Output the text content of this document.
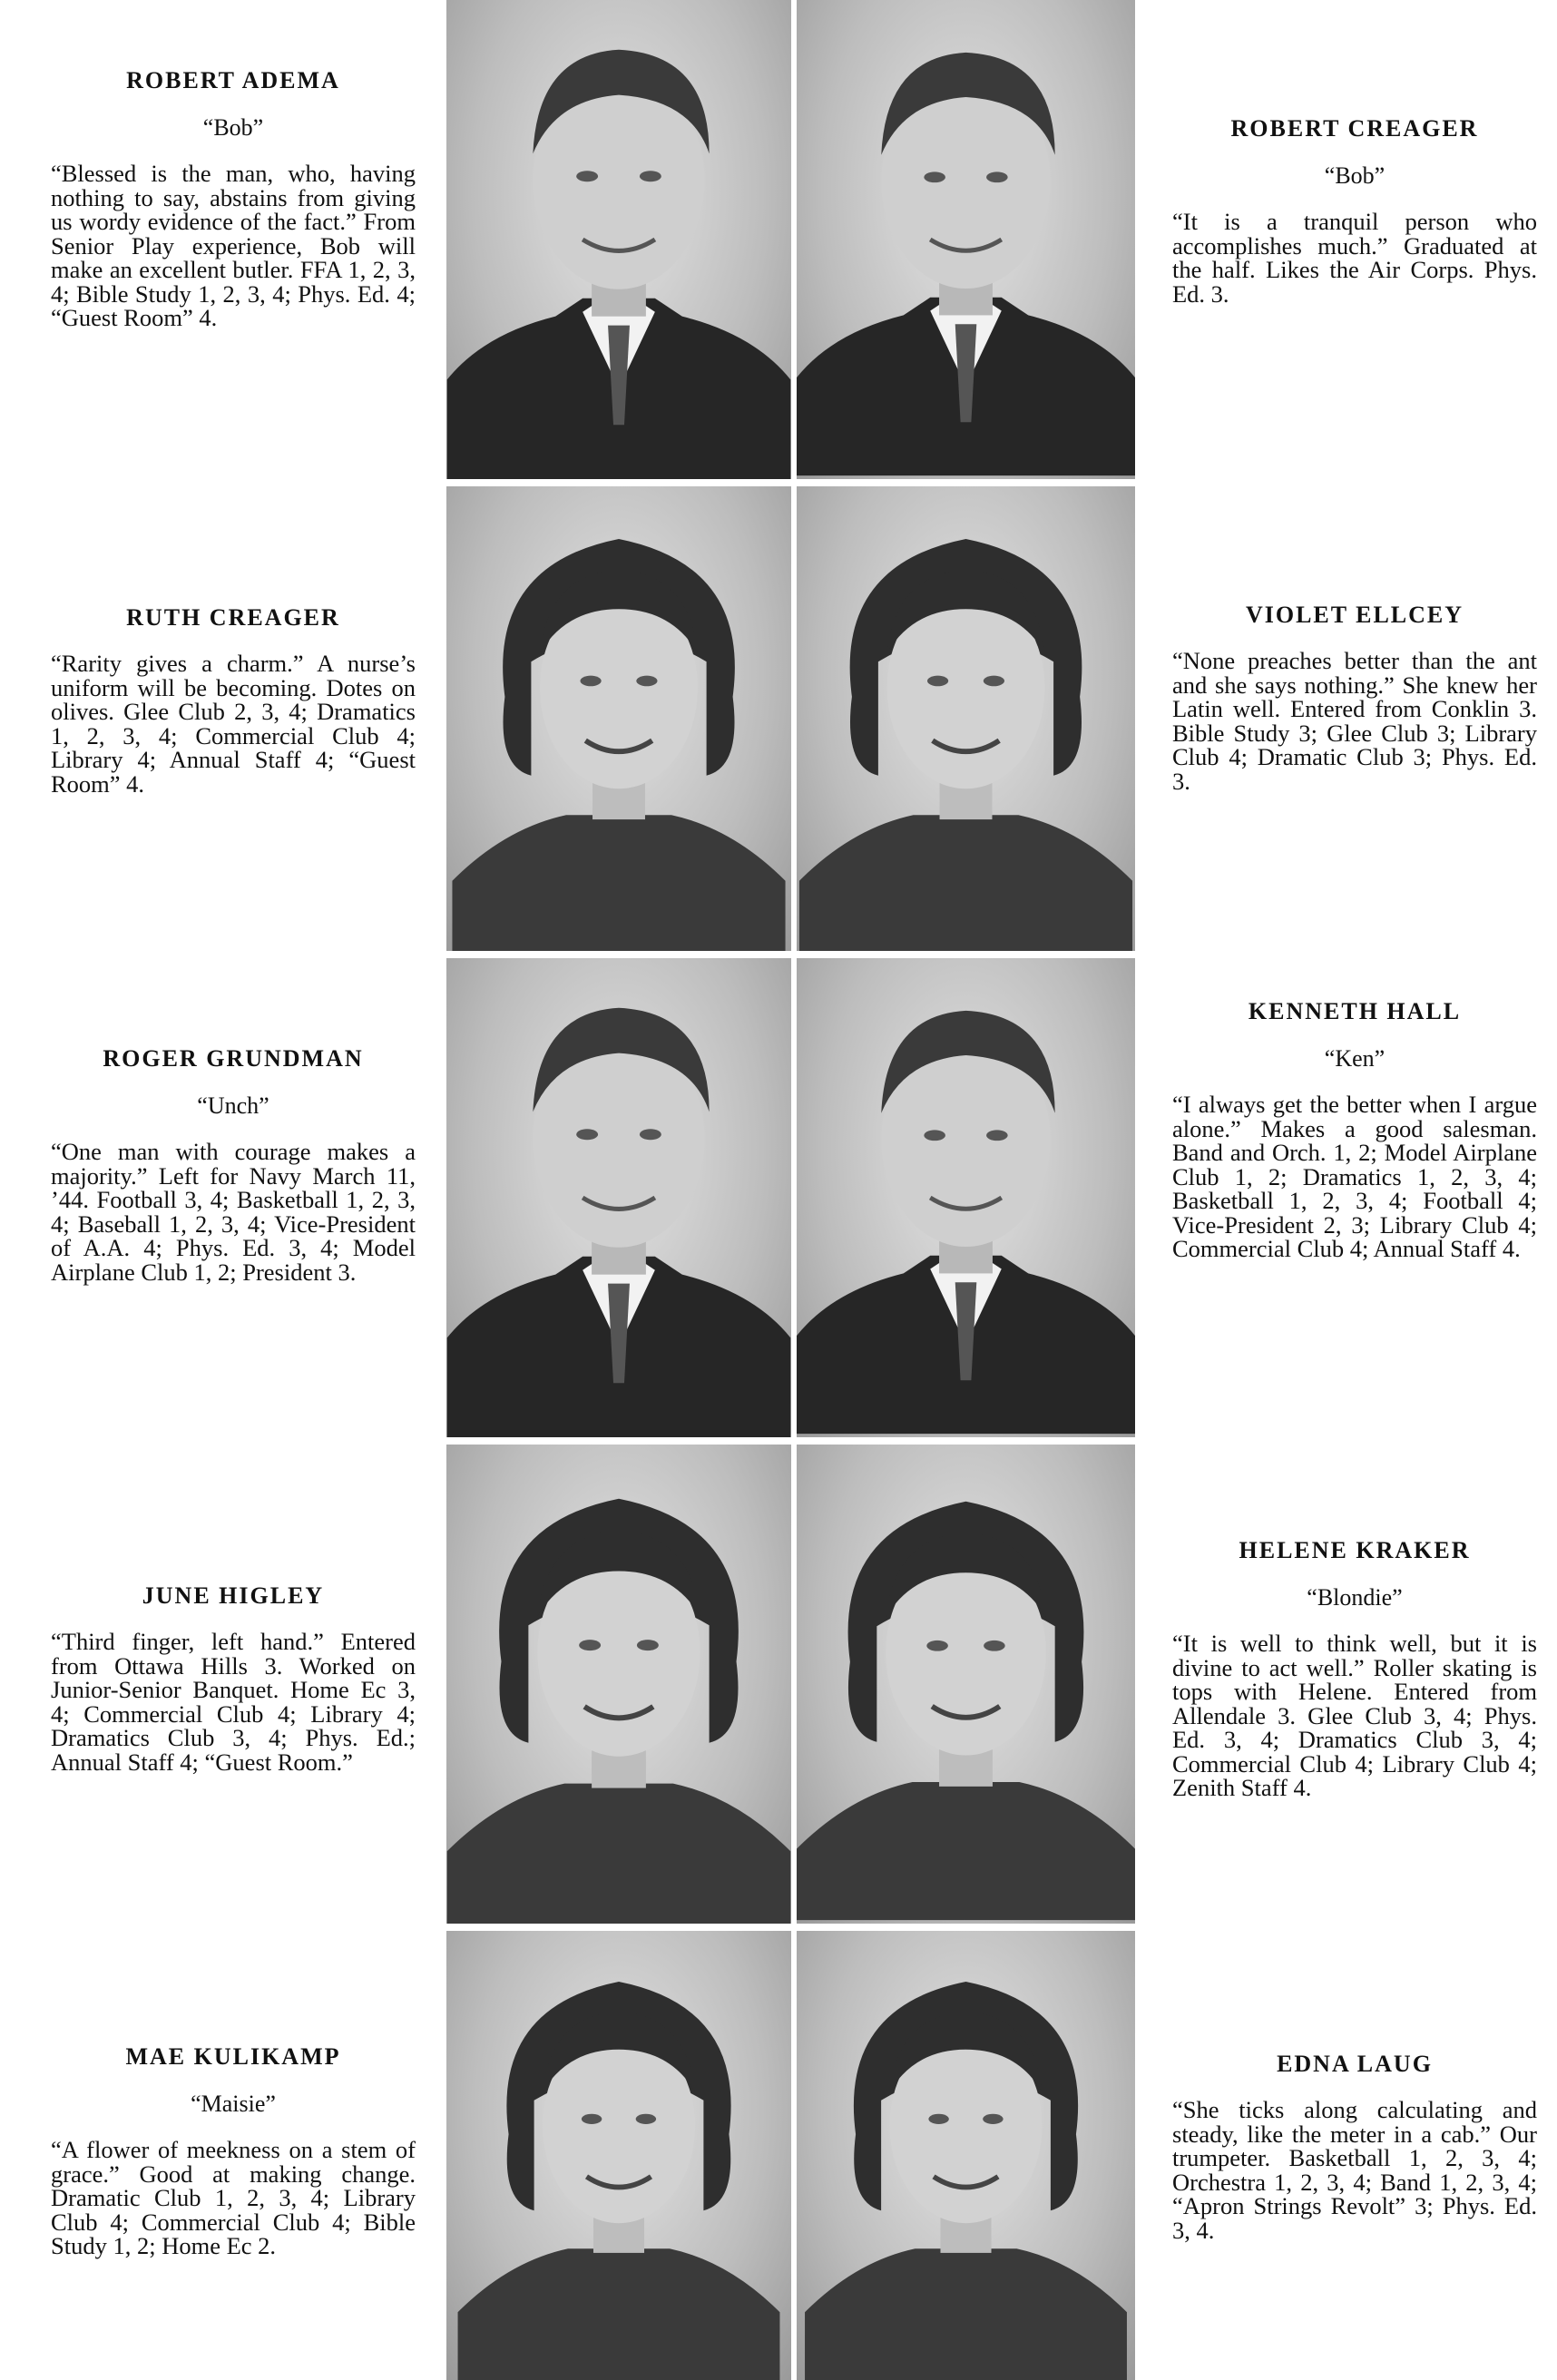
ROBERT ADEMA

“Bob”

“Blessed is the man, who, having nothing to say, abstains from giving us wordy evidence of the fact.” From Senior Play experience, Bob will make an excellent butler. FFA 1, 2, 3, 4; Bible Study 1, 2, 3, 4; Phys. Ed. 4; “Guest Room” 4.

ROBERT CREAGER

“Bob”

“It is a tranquil person who accomplishes much.” Graduated at the half. Likes the Air Corps. Phys. Ed. 3.

RUTH CREAGER

“Rarity gives a charm.” A nurse’s uniform will be becoming. Dotes on olives. Glee Club 2, 3, 4; Dramatics 1, 2, 3, 4; Commercial Club 4; Library 4; Annual Staff 4; “Guest Room” 4.

VIOLET ELLCEY

“None preaches better than the ant and she says nothing.” She knew her Latin well. Entered from Conklin 3. Bible Study 3; Glee Club 3; Library Club 4; Dramatic Club 3; Phys. Ed. 3.

ROGER GRUNDMAN

“Unch”

“One man with courage makes a majority.” Left for Navy March 11, ’44. Football 3, 4; Basketball 1, 2, 3, 4; Baseball 1, 2, 3, 4; Vice-President of A.A. 4; Phys. Ed. 3, 4; Model Airplane Club 1, 2; President 3.

KENNETH HALL

“Ken”

“I always get the better when I argue alone.” Makes a good salesman. Band and Orch. 1, 2; Model Airplane Club 1, 2; Dramatics 1, 2, 3, 4; Basketball 1, 2, 3, 4; Football 4; Vice-President 2, 3; Library Club 4; Commercial Club 4; Annual Staff 4.

JUNE HIGLEY

“Third finger, left hand.” Entered from Ottawa Hills 3. Worked on Junior-Senior Banquet. Home Ec 3, 4; Commercial Club 4; Library 4; Dramatics Club 3, 4; Phys. Ed.; Annual Staff 4; “Guest Room.”

HELENE KRAKER

“Blondie”

“It is well to think well, but it is divine to act well.” Roller skating is tops with Helene. Entered from Allendale 3. Glee Club 3, 4; Phys. Ed. 3, 4; Dramatics Club 3, 4; Commercial Club 4; Library Club 4; Zenith Staff 4.

MAE KULIKAMP

“Maisie”

“A flower of meekness on a stem of grace.” Good at making change. Dramatic Club 1, 2, 3, 4; Library Club 4; Commercial Club 4; Bible Study 1, 2; Home Ec 2.

EDNA LAUG

“She ticks along calculating and steady, like the meter in a cab.” Our trumpeter. Basketball 1, 2, 3, 4; Orchestra 1, 2, 3, 4; Band 1, 2, 3, 4; “Apron Strings Revolt” 3; Phys. Ed. 3, 4.
